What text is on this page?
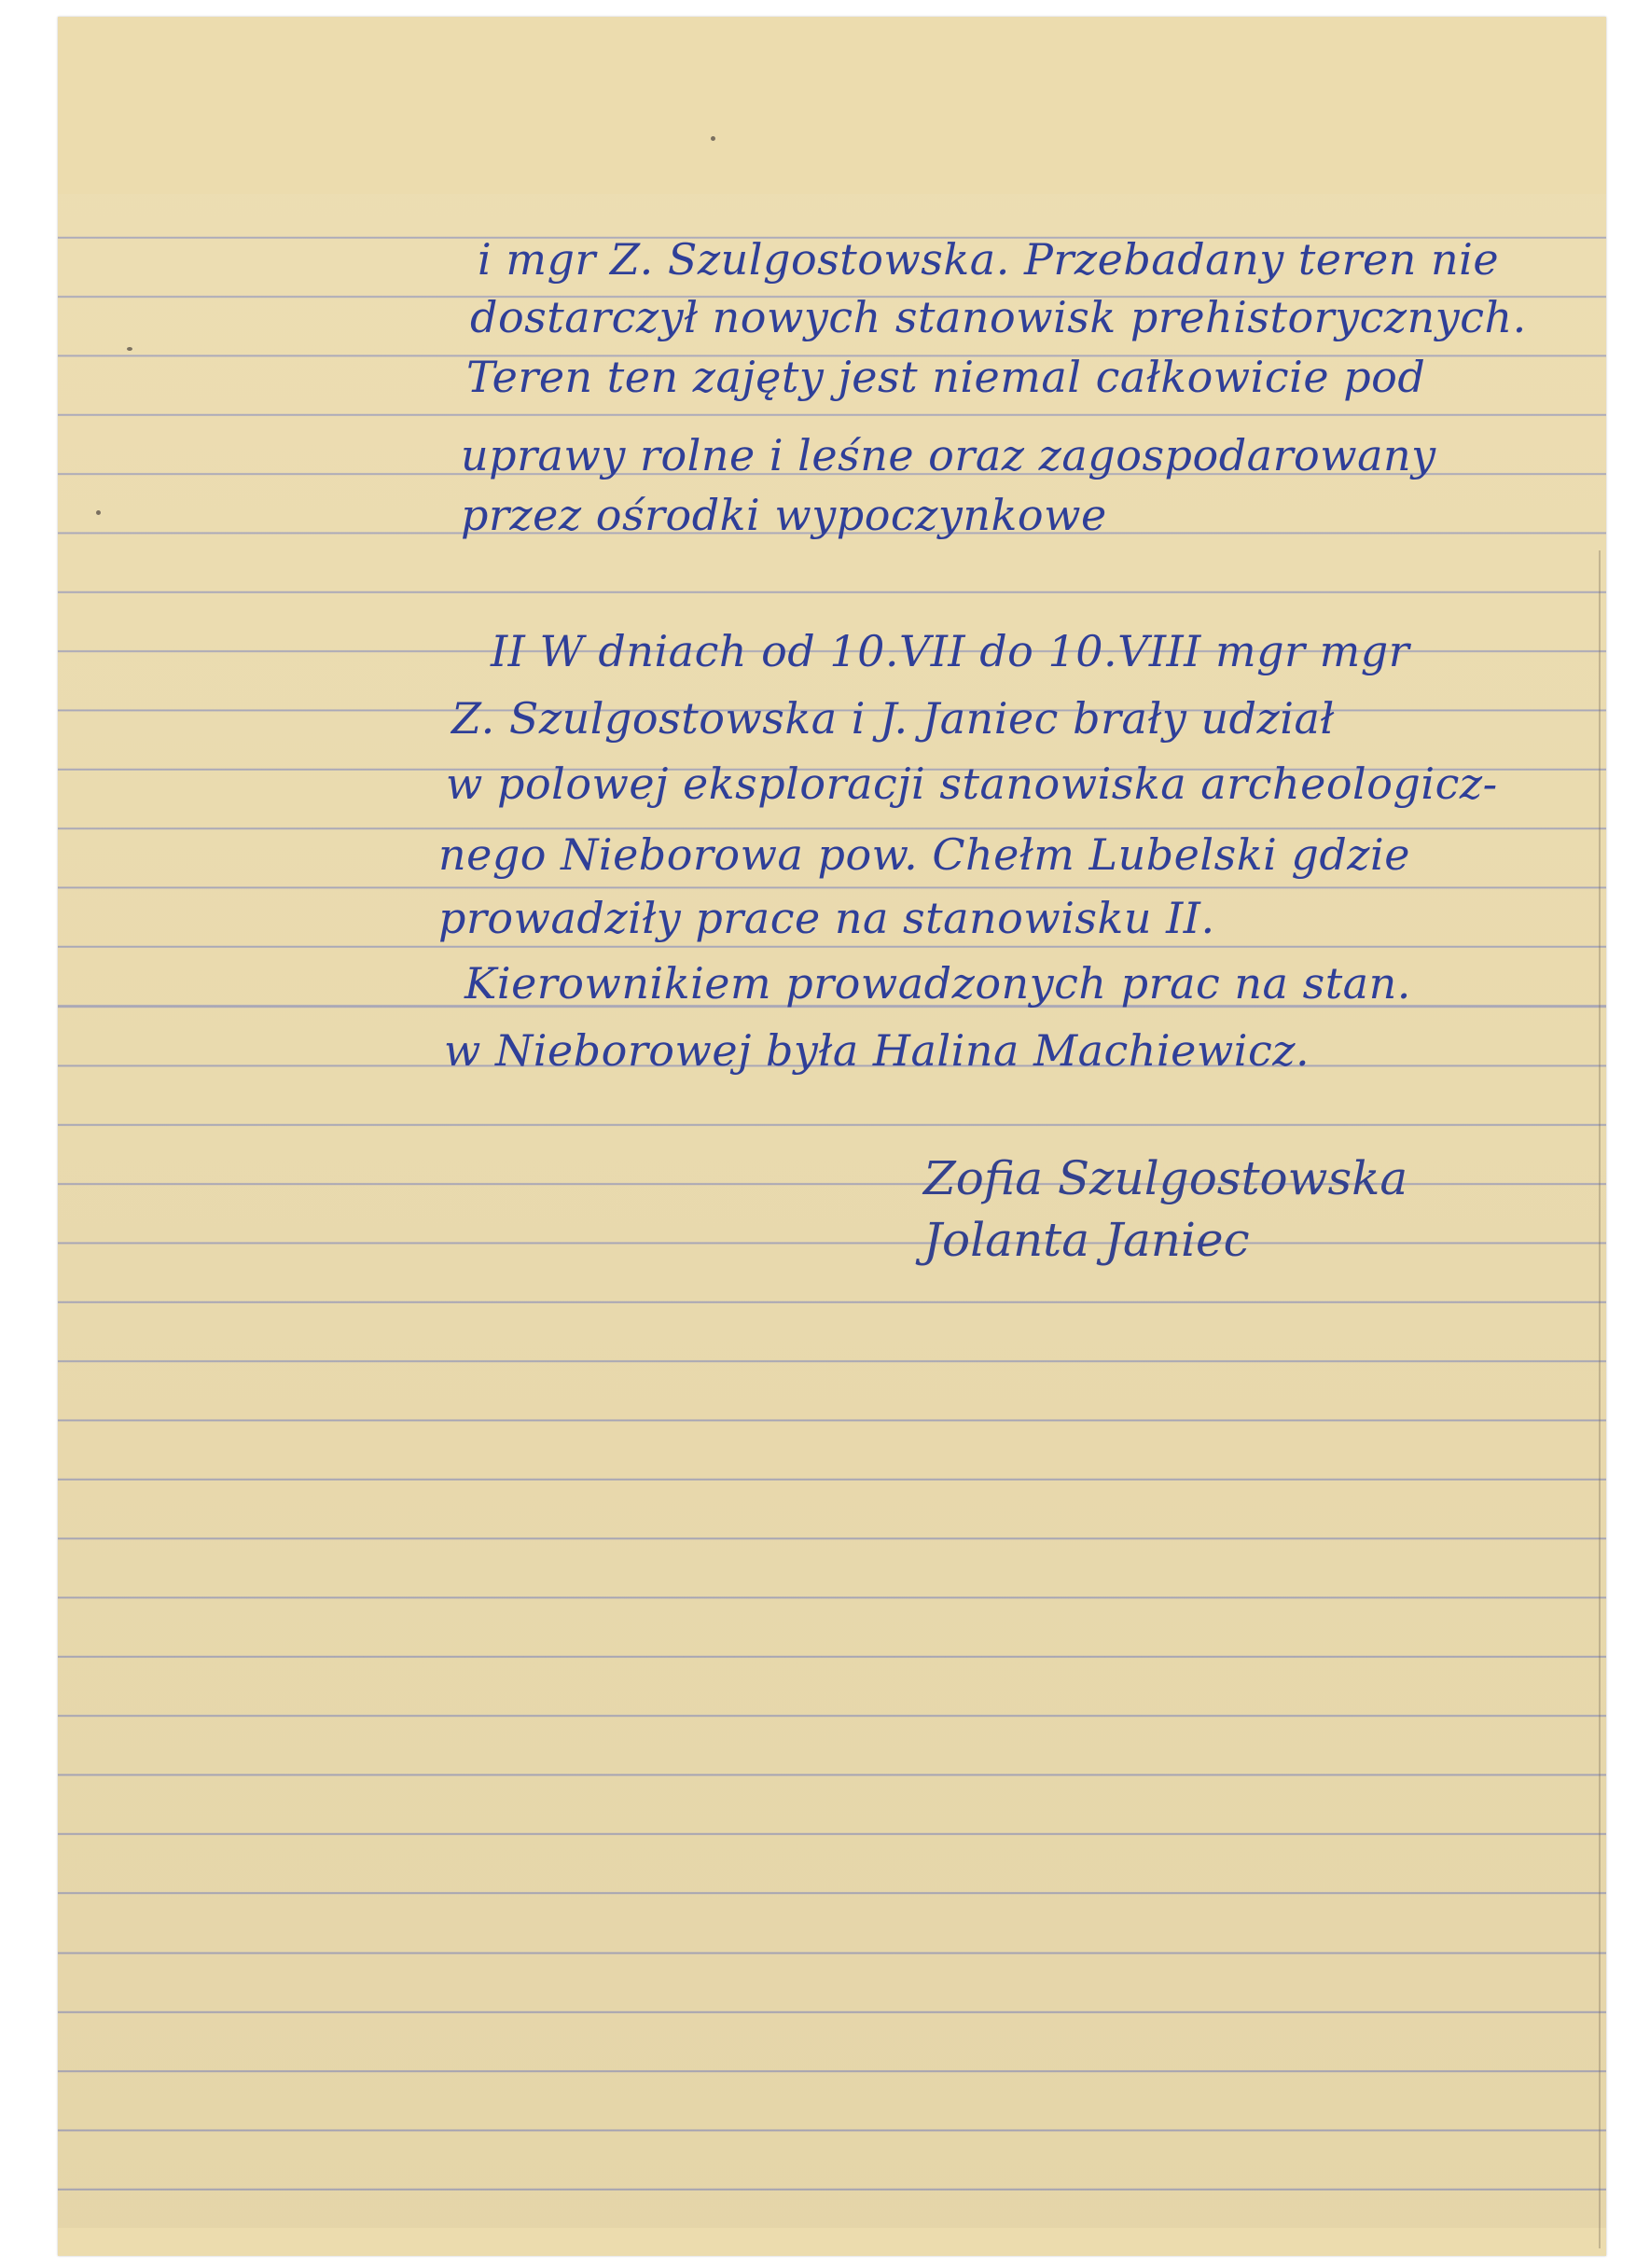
i mgr Z. Szulgostowska. Przebadany teren nie
dostarczył nowych stanowisk prehistorycznych.
Teren ten zajęty jest niemal całkowicie pod
uprawy rolne i leśne oraz zagospodarowany
przez ośrodki wypoczynkowe
II W dniach od 10.VII do 10.VIII mgr mgr
Z. Szulgostowska i J. Janiec brały udział
w polowej eksploracji stanowiska archeologicz-
nego Nieborowa pow. Chełm Lubelski gdzie
prowadziły prace na stanowisku II.
Kierownikiem prowadzonych prac na stan.
w Nieborowej była Halina Machiewicz.
Zofia Szulgostowska
Jolanta Janiec
